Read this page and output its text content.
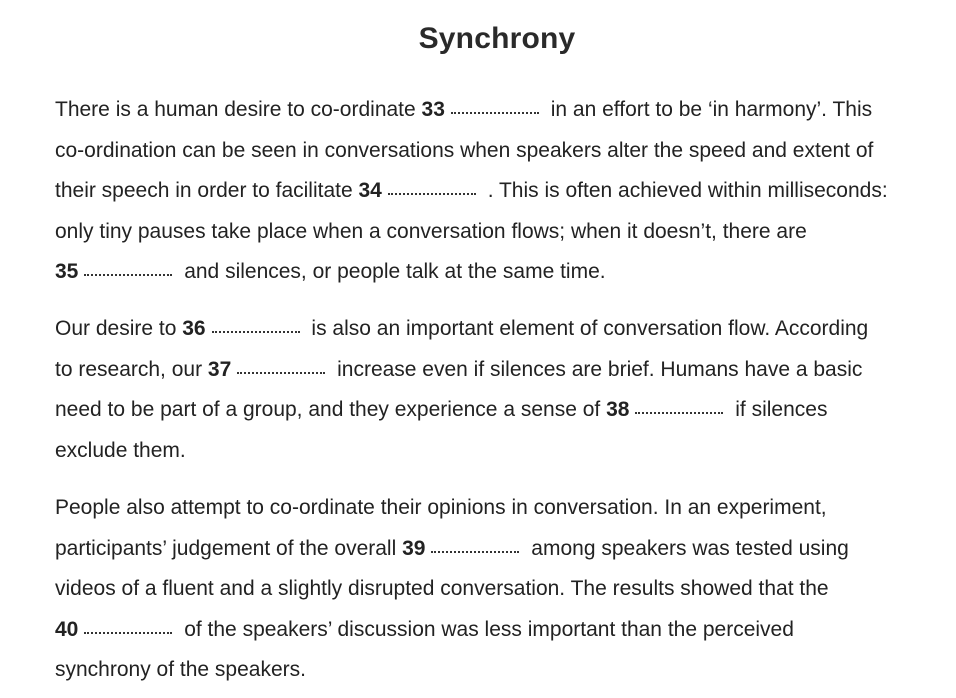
Synchrony
There is a human desire to co-ordinate 33	in an effort to be ‘in harmony’. This
co-ordination can be seen in conversations when speakers alter the speed and extent of
their speech in order to facilitate 34	. This is often achieved within milliseconds:
only tiny pauses take place when a conversation flows; when it doesn’t, there are
35	and silences, or people talk at the same time.
Our desire to 36	is also an important element of conversation flow. According
to research, our 37	increase even if silences are brief. Humans have a basic
need to be part of a group, and they experience a sense of 38	if silences
exclude them.
People also attempt to co-ordinate their opinions in conversation. In an experiment,
participants’ judgement of the overall 39	among speakers was tested using
videos of a fluent and a slightly disrupted conversation. The results showed that the
40	of the speakers’ discussion was less important than the perceived
synchrony of the speakers.
